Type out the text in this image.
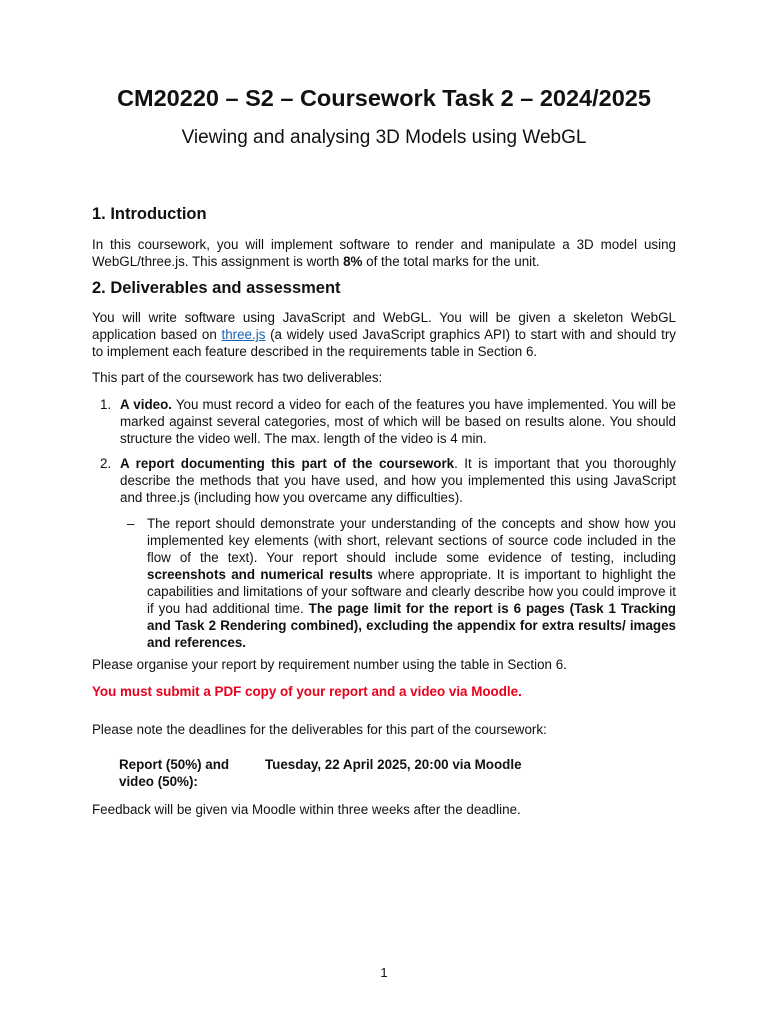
CM20220 – S2 – Coursework Task 2 – 2024/2025

Viewing and analysing 3D Models using WebGL

1. Introduction

In this coursework, you will implement software to render and manipulate a 3D model using WebGL/three.js. This assignment is worth 8% of the total marks for the unit.

2. Deliverables and assessment

You will write software using JavaScript and WebGL. You will be given a skeleton WebGL application based on three.js (a widely used JavaScript graphics API) to start with and should try to implement each feature described in the requirements table in Section 6.

This part of the coursework has two deliverables:

1. A video. You must record a video for each of the features you have implemented. You will be marked against several categories, most of which will be based on results alone. You should structure the video well. The max. length of the video is 4 min.

2. A report documenting this part of the coursework. It is important that you thoroughly describe the methods that you have used, and how you implemented this using JavaScript and three.js (including how you overcame any difficulties).

– The report should demonstrate your understanding of the concepts and show how you implemented key elements (with short, relevant sections of source code included in the flow of the text). Your report should include some evidence of testing, including screenshots and numerical results where appropriate. It is important to highlight the capabilities and limitations of your software and clearly describe how you could improve it if you had additional time. The page limit for the report is 6 pages (Task 1 Tracking and Task 2 Rendering combined), excluding the appendix for extra results/ images and references.

Please organise your report by requirement number using the table in Section 6.

You must submit a PDF copy of your report and a video via Moodle.

Please note the deadlines for the deliverables for this part of the coursework:

Report (50%) and video (50%):

Tuesday, 22 April 2025, 20:00 via Moodle

Feedback will be given via Moodle within three weeks after the deadline.

1
